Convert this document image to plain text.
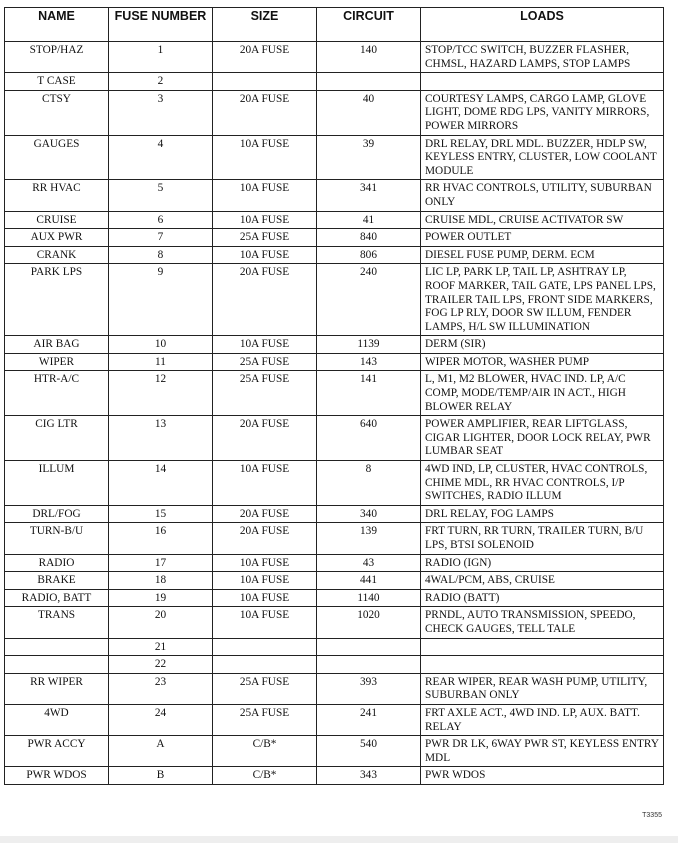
NAME	FUSE NUMBER	SIZE	CIRCUIT	LOADS
STOP/HAZ	1	20A FUSE	140	STOP/TCC SWITCH, BUZZER FLASHER, CHMSL, HAZARD LAMPS, STOP LAMPS
T CASE	2			
CTSY	3	20A FUSE	40	COURTESY LAMPS, CARGO LAMP, GLOVE LIGHT, DOME RDG LPS, VANITY MIRRORS, POWER MIRRORS
GAUGES	4	10A FUSE	39	DRL RELAY, DRL MDL. BUZZER, HDLP SW, KEYLESS ENTRY, CLUSTER, LOW COOLANT MODULE
RR HVAC	5	10A FUSE	341	RR HVAC CONTROLS, UTILITY, SUBURBAN ONLY
CRUISE	6	10A FUSE	41	CRUISE MDL, CRUISE ACTIVATOR SW
AUX PWR	7	25A FUSE	840	POWER OUTLET
CRANK	8	10A FUSE	806	DIESEL FUSE PUMP, DERM. ECM
PARK LPS	9	20A FUSE	240	LIC LP, PARK LP, TAIL LP, ASHTRAY LP, ROOF MARKER, TAIL GATE, LPS PANEL LPS, TRAILER TAIL LPS, FRONT SIDE MARKERS, FOG LP RLY, DOOR SW ILLUM, FENDER LAMPS, H/L SW ILLUMINATION
AIR BAG	10	10A FUSE	1139	DERM (SIR)
WIPER	11	25A FUSE	143	WIPER MOTOR, WASHER PUMP
HTR-A/C	12	25A FUSE	141	L, M1, M2 BLOWER, HVAC IND. LP, A/C COMP, MODE/TEMP/AIR IN ACT., HIGH BLOWER RELAY
CIG LTR	13	20A FUSE	640	POWER AMPLIFIER, REAR LIFTGLASS, CIGAR LIGHTER, DOOR LOCK RELAY, PWR LUMBAR SEAT
ILLUM	14	10A FUSE	8	4WD IND, LP, CLUSTER, HVAC CONTROLS, CHIME MDL, RR HVAC CONTROLS, I/P SWITCHES, RADIO ILLUM
DRL/FOG	15	20A FUSE	340	DRL RELAY, FOG LAMPS
TURN-B/U	16	20A FUSE	139	FRT TURN, RR TURN, TRAILER TURN, B/U LPS, BTSI SOLENOID
RADIO	17	10A FUSE	43	RADIO (IGN)
BRAKE	18	10A FUSE	441	4WAL/PCM, ABS, CRUISE
RADIO, BATT	19	10A FUSE	1140	RADIO (BATT)
TRANS	20	10A FUSE	1020	PRNDL, AUTO TRANSMISSION, SPEEDO, CHECK GAUGES, TELL TALE
	21			
	22			
RR WIPER	23	25A FUSE	393	REAR WIPER, REAR WASH PUMP, UTILITY, SUBURBAN ONLY
4WD	24	25A FUSE	241	FRT AXLE ACT., 4WD IND. LP, AUX. BATT. RELAY
PWR ACCY	A	C/B*	540	PWR DR LK, 6WAY PWR ST, KEYLESS ENTRY MDL
PWR WDOS	B	C/B*	343	PWR WDOS
T3355
